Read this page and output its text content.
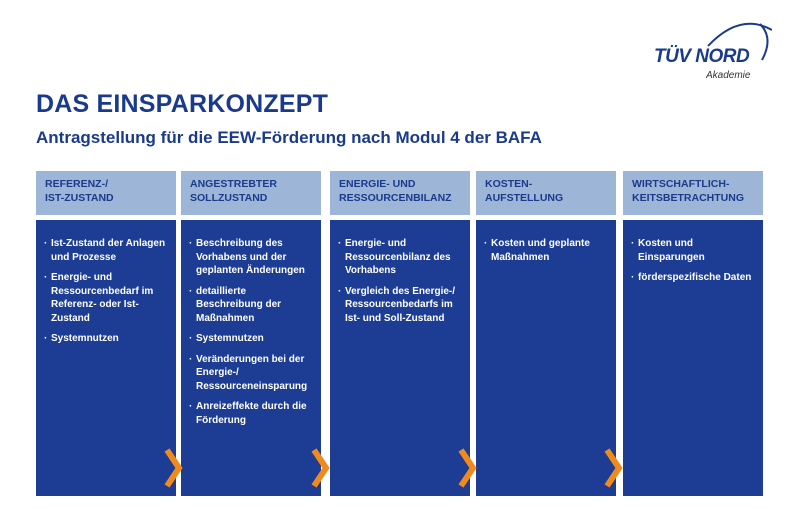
TÜV NORD
Akademie
DAS EINSPARKONZEPT
Antragstellung für die EEW-Förderung nach Modul 4 der BAFA
REFERENZ-/
IST-ZUSTAND
· Ist-Zustand der Anlagen und Prozesse
· Energie- und Ressourcenbedarf im Referenz- oder Ist-Zustand
· Systemnutzen
ANGESTREBTER
SOLLZUSTAND
· Beschreibung des Vorhabens und der geplanten Änderungen
· detaillierte Beschreibung der Maßnahmen
· Systemnutzen
· Veränderungen bei der Energie-/ Ressourceneinsparung
· Anreizeffekte durch die Förderung
ENERGIE- UND
RESSOURCENBILANZ
· Energie- und Ressourcenbilanz des Vorhabens
· Vergleich des Energie-/ Ressourcenbedarfs im Ist- und Soll-Zustand
KOSTEN-
AUFSTELLUNG
· Kosten und geplante Maßnahmen
WIRTSCHAFTLICH-
KEITSBETRACHTUNG
· Kosten und Einsparungen
· förderspezifische Daten
